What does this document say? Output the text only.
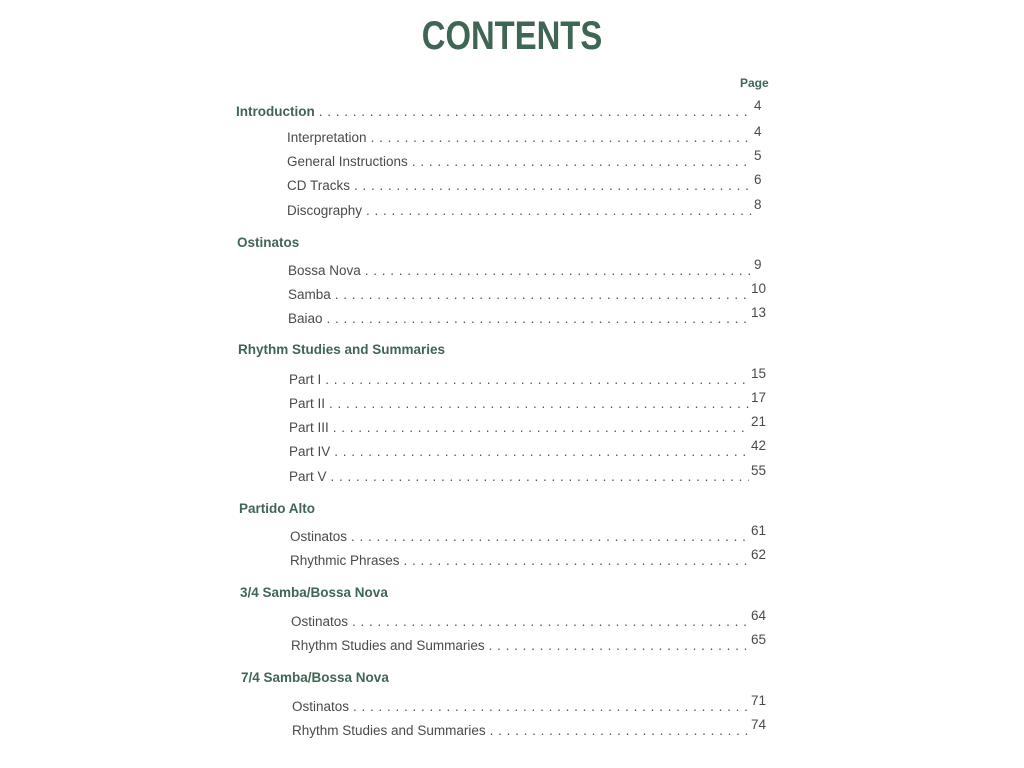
CONTENTS
Page
Introduction . . .	4
Interpretation . . .	4
General Instructions . . .	5
CD Tracks . . .	6
Discography . . .	8
Ostinatos
Bossa Nova . . .	9
Samba . . .	10
Baiao . . .	13
Rhythm Studies and Summaries
Part I . . .	15
Part II . . .	17
Part III . . .	21
Part IV . . .	42
Part V . . .	55
Partido Alto
Ostinatos . . .	61
Rhythmic Phrases . . .	62
3/4 Samba/Bossa Nova
Ostinatos . . .	64
Rhythm Studies and Summaries . . .	65
7/4 Samba/Bossa Nova
Ostinatos . . .	71
Rhythm Studies and Summaries . . .	74
